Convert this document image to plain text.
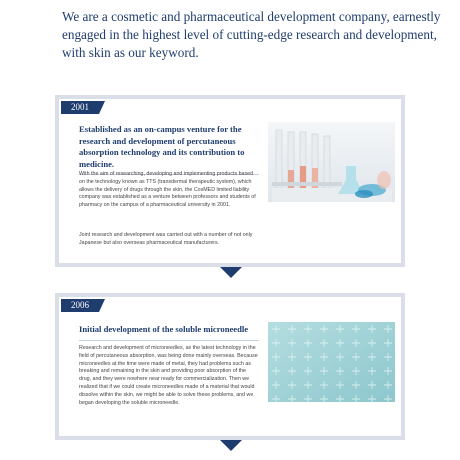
We are a cosmetic and pharmaceutical development company, earnestly engaged in the highest level of cutting-edge research and development, with skin as our keyword.

2001
Established as an on-campus venture for the research and development of percutaneous absorption technology and its contribution to medicine.

With the aim of researching, developing and implementing products based on the technology known as TTS (transdermal therapeutic system), which allows the delivery of drugs through the skin, the CosMED limited liability company was established as a venture between professors and students of pharmacy on the campus of a pharmaceutical university in 2001.

Joint research and development was carried out with a number of not only Japanese but also overseas pharmaceutical manufacturers.

2006
Initial development of the soluble microneedle

Research and development of microneedles, as the latest technology in the field of percutaneous absorption, was being done mainly overseas. Because microneedles at the time were made of metal, they had problems such as breaking and remaining in the skin and providing poor absorption of the drug, and they were nowhere near ready for commercialization. Then we realized that if we could create microneedles made of a material that would dissolve within the skin, we might be able to solve these problems, and we began developing the soluble microneedle.
